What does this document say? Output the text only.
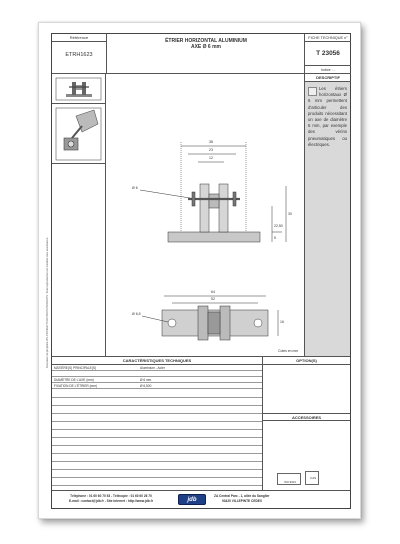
Document de propriété JPL PRODUCTS DIVISION PRODUITS. Toute reproduction est interdite sans autorisation.
Référence
ETRH1623
ÉTRIER HORIZONTAL ALUMINIUM
AXE Ø 6 mm
FICHE TECHNIQUE n°
T 23056
Indice : -
DESCRIPTIF
Les étriers horizontaux Ø 6 mm permettent d'articuler des produits nécessitant un axe de diamètre 6 mm, par exemple des vérins pneumatiques ou électriques.
38
23
12
Ø 6
30
22,50
5
64
52
Ø 6,5
16
Cotes en mm
CARACTÉRISTIQUES TECHNIQUES
MATIÈRE(S) PRINCIPALE(S)	Aluminium - Acier
DIAMÈTRE DE L'AXE (mm)	Ø 6 mm
FIXATION DE L'ÉTRIER (mm)	Ø 6,500
OPTION(S)
ACCESSOIRES
ISO 9001
V.dS
Téléphone : 01 60 60 70 53 - Télécopie : 01 60 60 26 70
E-mail : contact@jdb.fr - Site internet : http://www.jdb.fr	jdb
ZA Central Parc - 1, allée du Sanglier
93420 VILLEPINTE CEDEX
